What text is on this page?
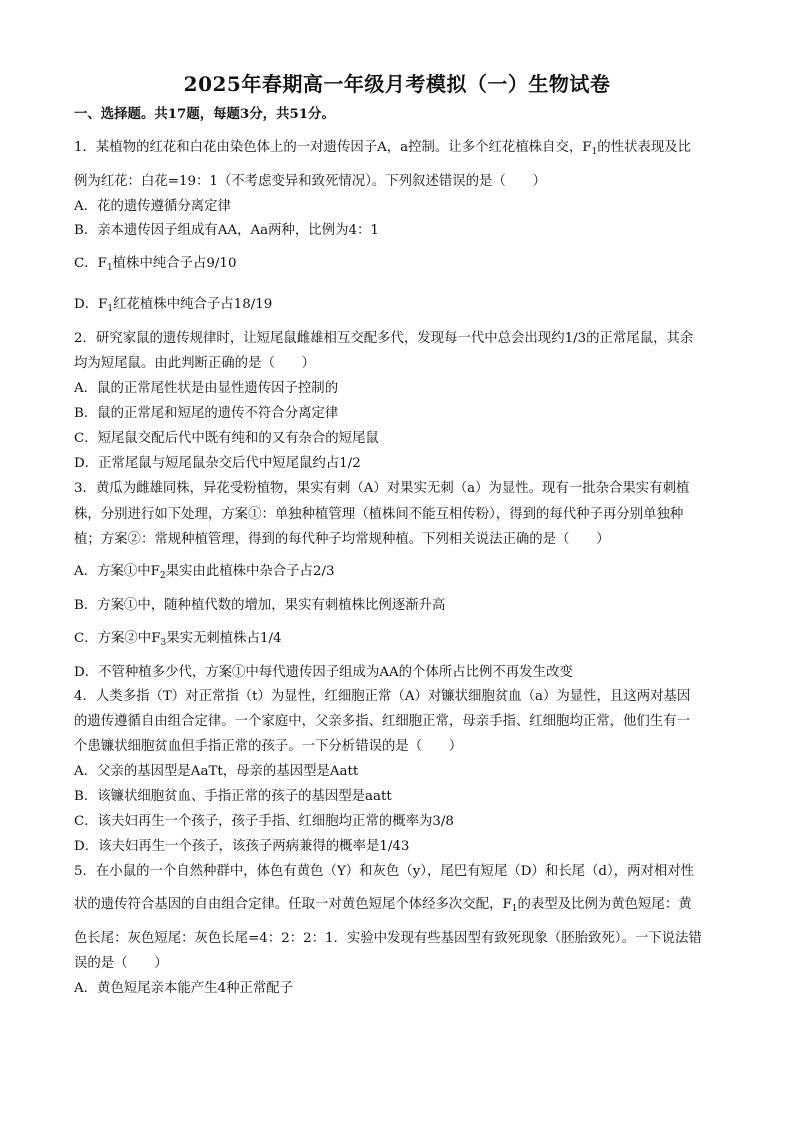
2025年春期高一年级月考模拟（一）生物试卷
一、选择题。共17题，每题3分，共51分。
1．某植物的红花和白花由染色体上的一对遗传因子A，a控制。让多个红花植株自交，$F_1$的性状表现及比
例为红花：白花=19：1（不考虑变异和致死情况）。下列叙述错误的是（　　）
A．花的遗传遵循分离定律
B．亲本遗传因子组成有AA，Aa两种，比例为4：1
C．$F_1$植株中纯合子占9/10
D．$F_1$红花植株中纯合子占18/19
2．研究家鼠的遗传规律时，让短尾鼠雌雄相互交配多代，发现每一代中总会出现约1/3的正常尾鼠，其余
均为短尾鼠。由此判断正确的是（　　）
A．鼠的正常尾性状是由显性遗传因子控制的
B．鼠的正常尾和短尾的遗传不符合分离定律
C．短尾鼠交配后代中既有纯和的又有杂合的短尾鼠
D．正常尾鼠与短尾鼠杂交后代中短尾鼠约占1/2
3．黄瓜为雌雄同株，异花受粉植物，果实有刺（A）对果实无刺（a）为显性。现有一批杂合果实有刺植
株，分别进行如下处理，方案①：单独种植管理（植株间不能互相传粉），得到的每代种子再分别单独种
植；方案②：常规种植管理，得到的每代种子均常规种植。下列相关说法正确的是（　　）
A．方案①中$F_2$果实由此植株中杂合子占2/3
B．方案①中，随种植代数的增加，果实有刺植株比例逐渐升高
C．方案②中$F_3$果实无刺植株占1/4
D．不管种植多少代，方案①中每代遗传因子组成为AA的个体所占比例不再发生改变
4．人类多指（T）对正常指（t）为显性，红细胞正常（A）对镰状细胞贫血（a）为显性，且这两对基因
的遗传遵循自由组合定律。一个家庭中，父亲多指、红细胞正常，母亲手指、红细胞均正常，他们生有一
个患镰状细胞贫血但手指正常的孩子。一下分析错误的是（　　）
A．父亲的基因型是AaTt，母亲的基因型是Aatt
B．该镰状细胞贫血、手指正常的孩子的基因型是aatt
C．该夫妇再生一个孩子，孩子手指、红细胞均正常的概率为3/8
D．该夫妇再生一个孩子，该孩子两病兼得的概率是1/43
5．在小鼠的一个自然种群中，体色有黄色（Y）和灰色（y），尾巴有短尾（D）和长尾（d），两对相对性
状的遗传符合基因的自由组合定律。任取一对黄色短尾个体经多次交配，$F_1$的表型及比例为黄色短尾：黄
色长尾：灰色短尾：灰色长尾=4：2：2：1．实验中发现有些基因型有致死现象（胚胎致死）。一下说法错
误的是（　　）
A．黄色短尾亲本能产生4种正常配子
